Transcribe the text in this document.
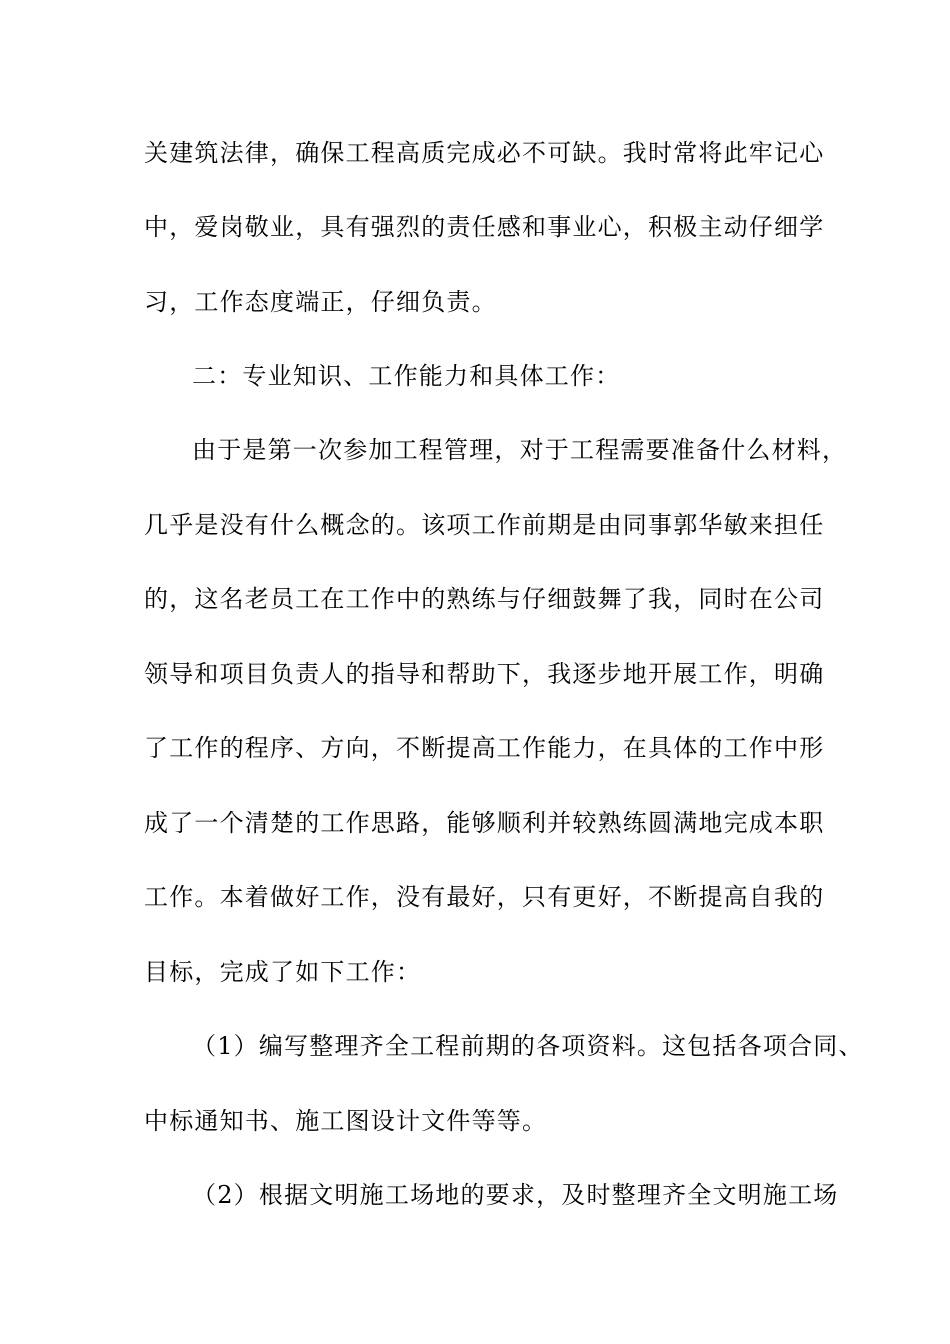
关建筑法律，确保工程高质完成必不可缺。我时常将此牢记心
中，爱岗敬业，具有强烈的责任感和事业心，积极主动仔细学
习，工作态度端正，仔细负责。
二：专业知识、工作能力和具体工作：
由于是第一次参加工程管理，对于工程需要准备什么材料，
几乎是没有什么概念的。该项工作前期是由同事郭华敏来担任
的，这名老员工在工作中的熟练与仔细鼓舞了我，同时在公司
领导和项目负责人的指导和帮助下，我逐步地开展工作，明确
了工作的程序、方向，不断提高工作能力，在具体的工作中形
成了一个清楚的工作思路，能够顺利并较熟练圆满地完成本职
工作。本着做好工作，没有最好，只有更好，不断提高自我的
目标，完成了如下工作：
（1）编写整理齐全工程前期的各项资料。这包括各项合同、
中标通知书、施工图设计文件等等。
（2）根据文明施工场地的要求，及时整理齐全文明施工场
